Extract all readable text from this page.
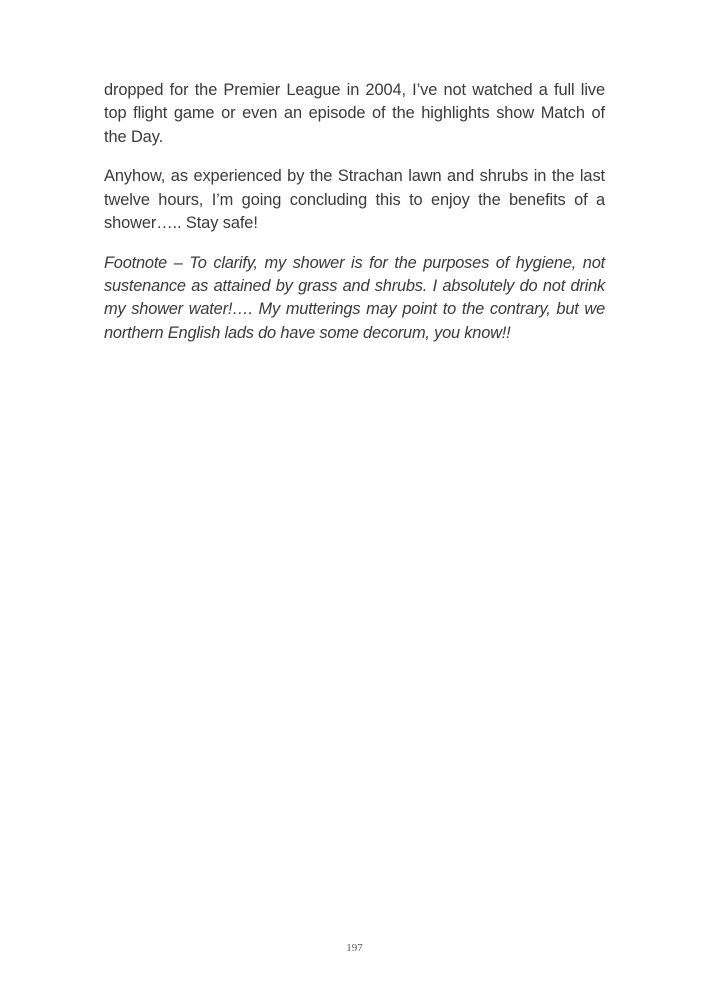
dropped for the Premier League in 2004, I’ve not watched a full live top flight game or even an episode of the highlights show Match of the Day.

Anyhow, as experienced by the Strachan lawn and shrubs in the last twelve hours, I’m going concluding this to enjoy the benefits of a shower….. Stay safe!

Footnote – To clarify, my shower is for the purposes of hygiene, not sustenance as attained by grass and shrubs. I absolutely do not drink my shower water!…. My mutterings may point to the contrary, but we northern English lads do have some decorum, you know!!

197
